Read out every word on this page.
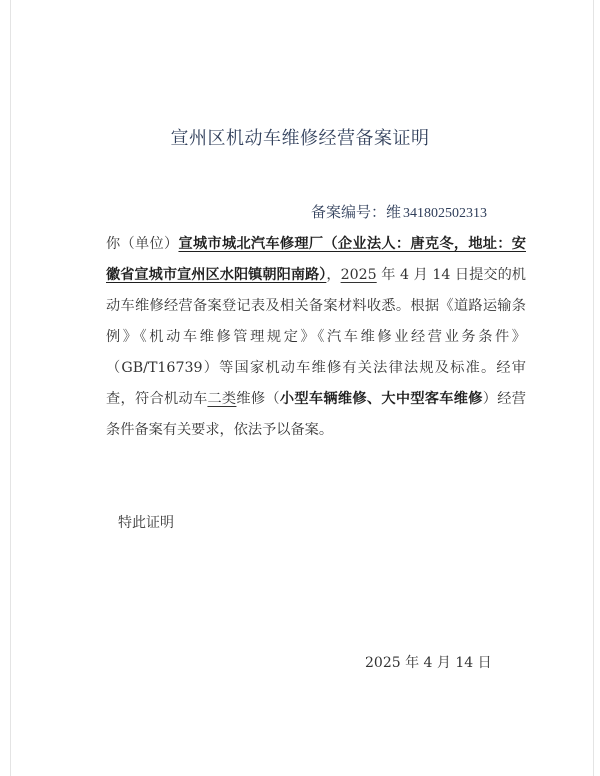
宣州区机动车维修经营备案证明
备案编号：维 341802502313
你（单位）宣城市城北汽车修理厂（企业法人：唐克冬，地址：安徽省宣城市宣州区水阳镇朝阳南路），2025 年 4 月 14 日提交的机动车维修经营备案登记表及相关备案材料收悉。根据《道路运输条例》《机动车维修管理规定》《汽车维修业经营业务条件》（GB/T16739）等国家机动车维修有关法律法规及标准。经审查，符合机动车二类维修（小型车辆维修、大中型客车维修）经营条件备案有关要求，依法予以备案。
特此证明
2025 年 4 月 14 日
